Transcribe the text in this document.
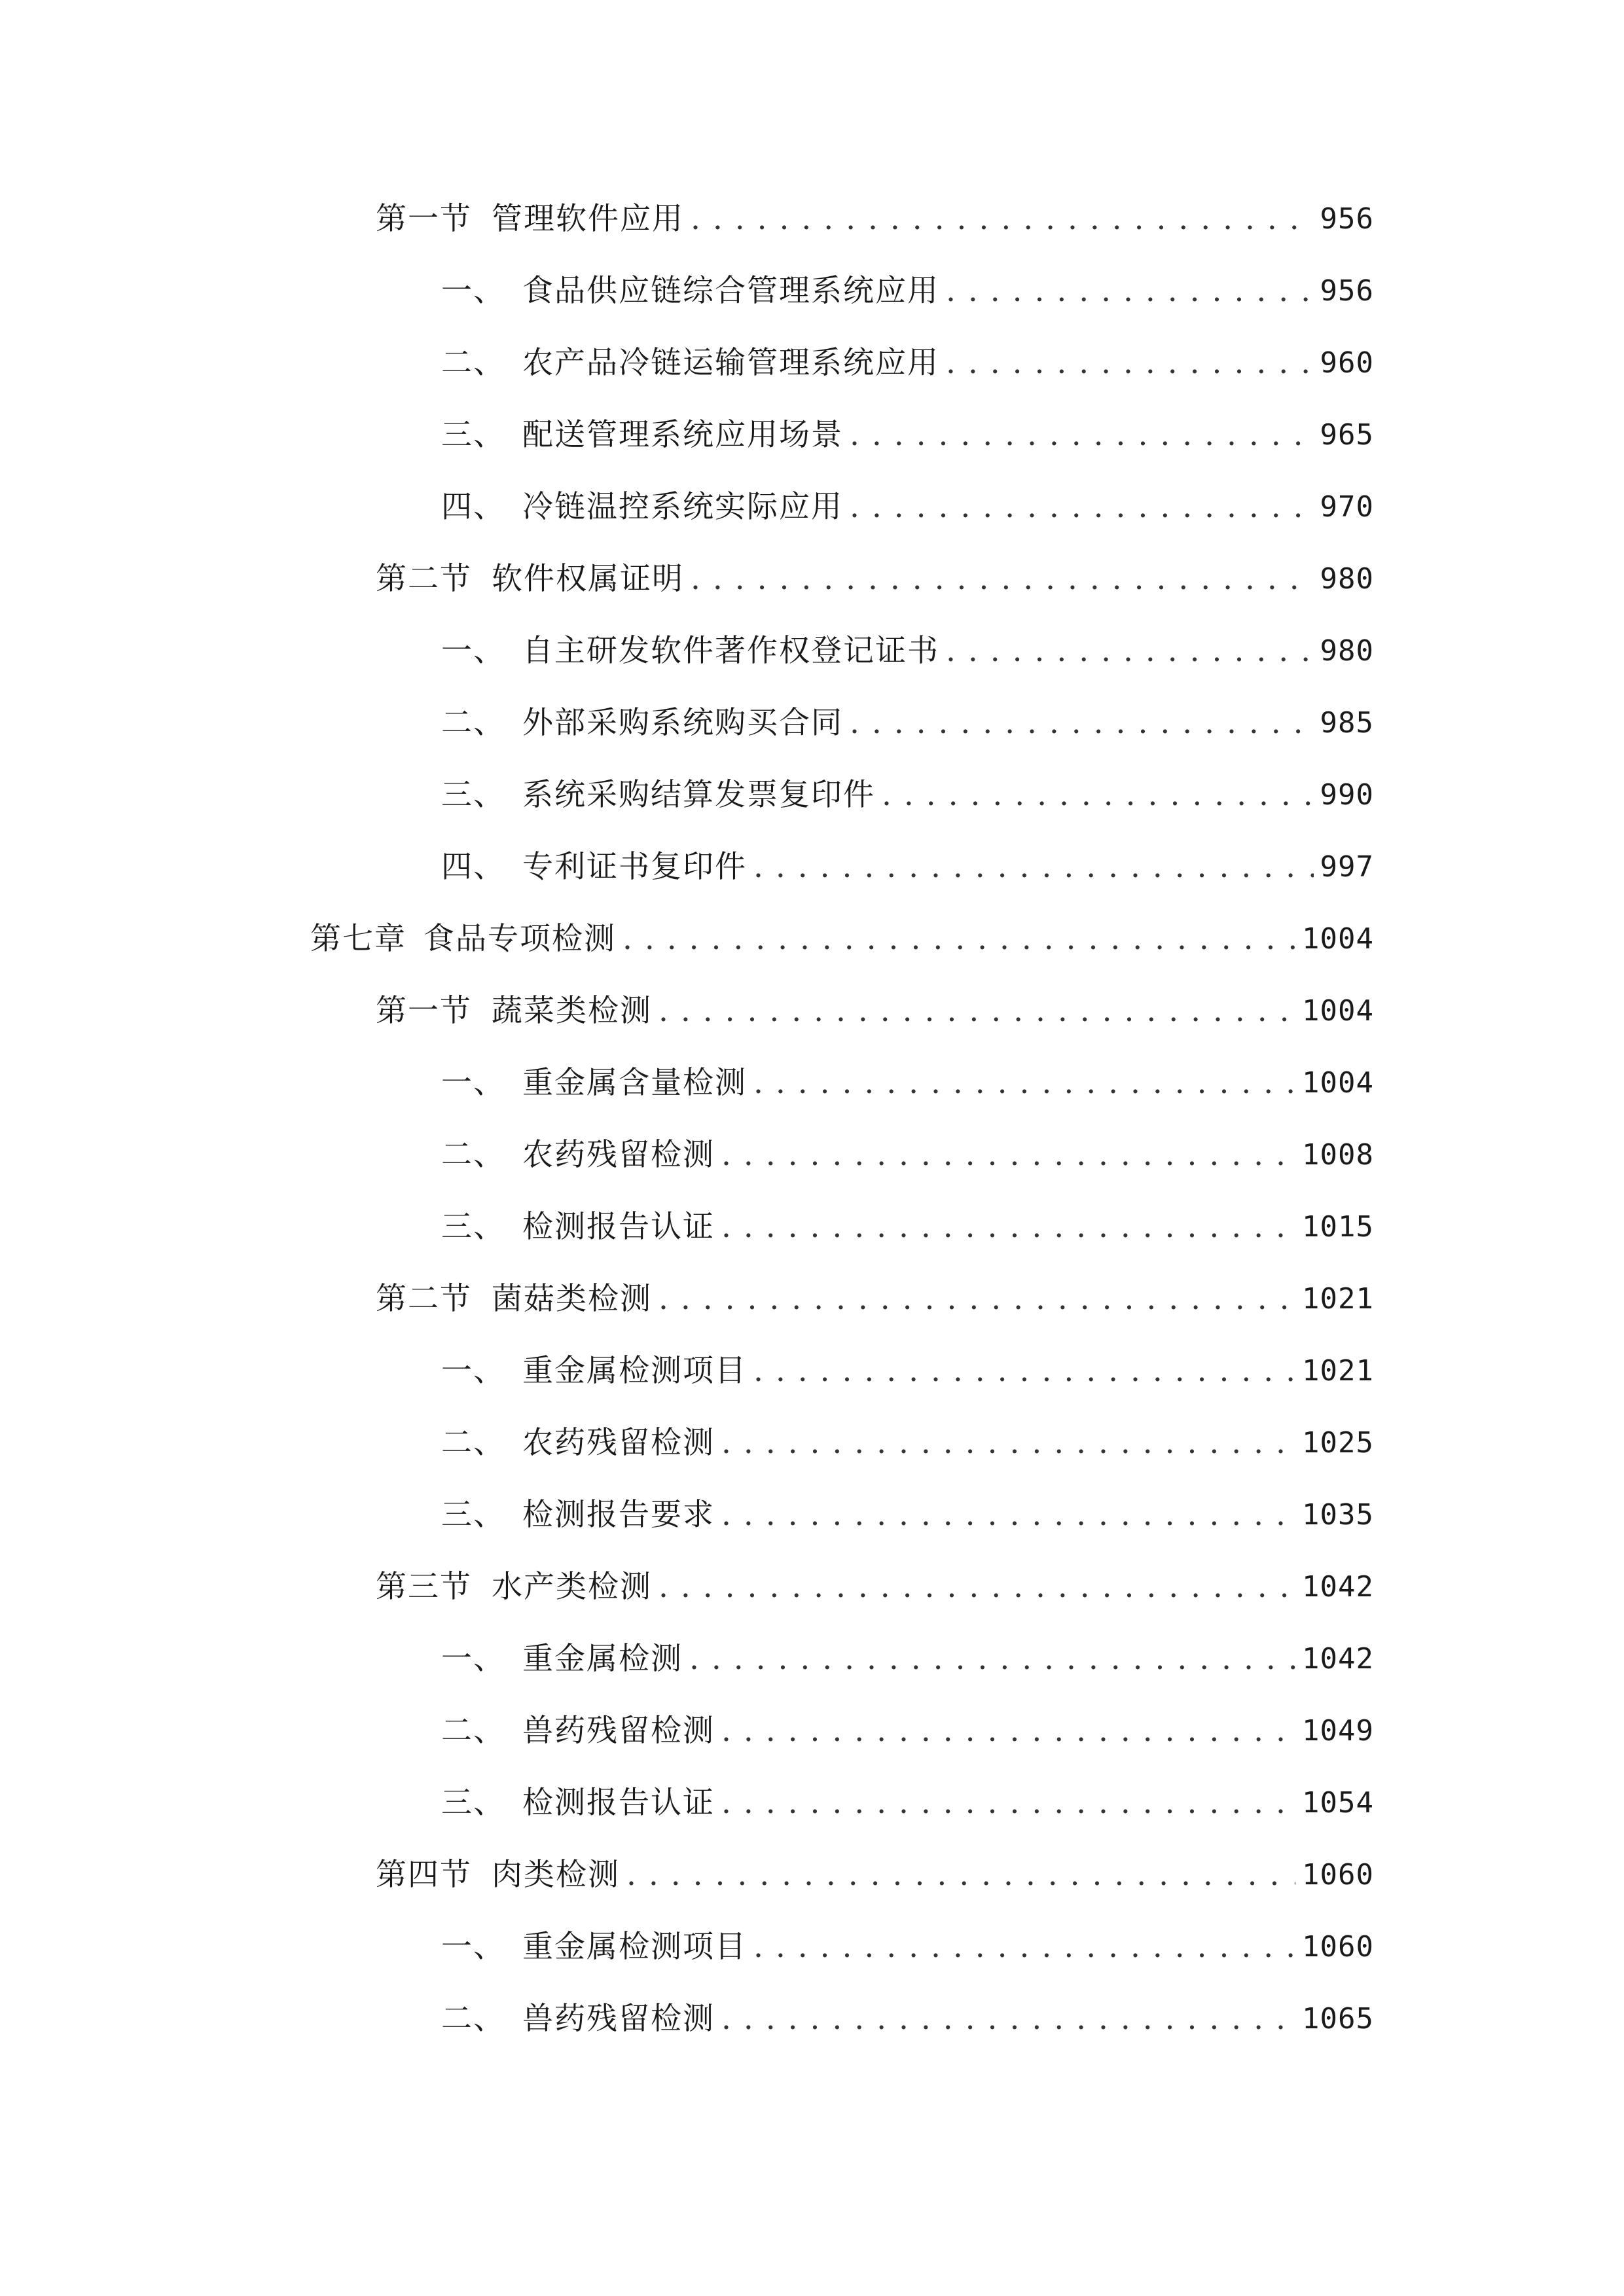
第一节 管理软件应用 . . .	956
一、 食品供应链综合管理系统应用 . . .	956
二、 农产品冷链运输管理系统应用 . . .	960
三、 配送管理系统应用场景 . . .	965
四、 冷链温控系统实际应用 . . .	970
第二节 软件权属证明 . . .	980
一、 自主研发软件著作权登记证书 . . .	980
二、 外部采购系统购买合同 . . .	985
三、 系统采购结算发票复印件 . . .	990
四、 专利证书复印件 . . .	997
第七章 食品专项检测 . . .	1004
第一节 蔬菜类检测 . . .	1004
一、 重金属含量检测 . . .	1004
二、 农药残留检测 . . .	1008
三、 检测报告认证 . . .	1015
第二节 菌菇类检测 . . .	1021
一、 重金属检测项目 . . .	1021
二、 农药残留检测 . . .	1025
三、 检测报告要求 . . .	1035
第三节 水产类检测 . . .	1042
一、 重金属检测 . . .	1042
二、 兽药残留检测 . . .	1049
三、 检测报告认证 . . .	1054
第四节 肉类检测 . . .	1060
一、 重金属检测项目 . . .	1060
二、 兽药残留检测 . . .	1065
